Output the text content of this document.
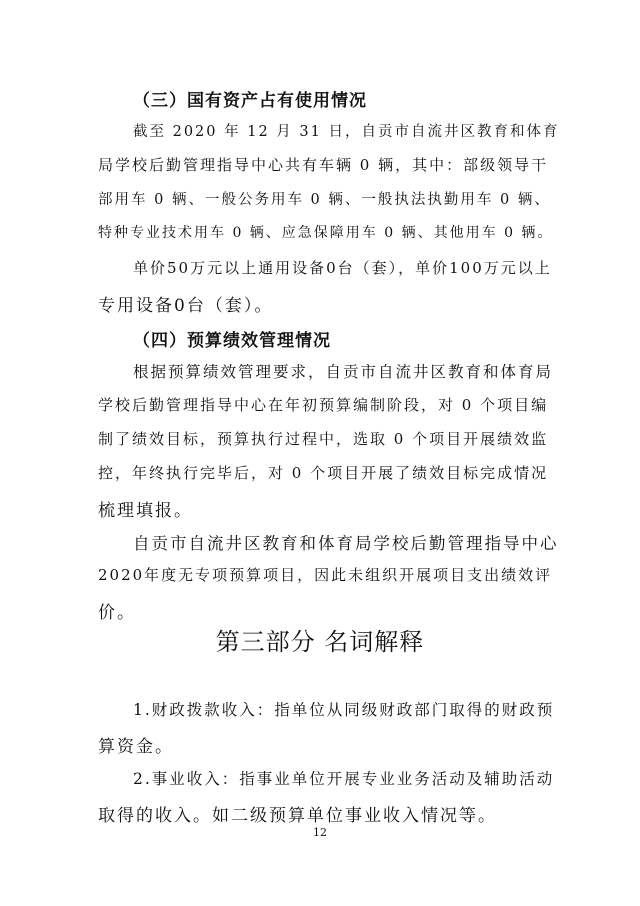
（三）国有资产占有使用情况
截至 2020 年 12 月 31 日，自贡市自流井区教育和体育
局学校后勤管理指导中心共有车辆 0 辆，其中：部级领导干
部用车 0 辆、一般公务用车 0 辆、一般执法执勤用车 0 辆、
特种专业技术用车 0 辆、应急保障用车 0 辆、其他用车 0 辆。
单价50万元以上通用设备0台（套），单价100万元以上
专用设备0台（套）。
（四）预算绩效管理情况
根据预算绩效管理要求，自贡市自流井区教育和体育局
学校后勤管理指导中心在年初预算编制阶段，对 0 个项目编
制了绩效目标，预算执行过程中，选取 0 个项目开展绩效监
控，年终执行完毕后，对 0 个项目开展了绩效目标完成情况
梳理填报。
自贡市自流井区教育和体育局学校后勤管理指导中心
2020年度无专项预算项目，因此未组织开展项目支出绩效评
价。
第三部分 名词解释
1.财政拨款收入：指单位从同级财政部门取得的财政预
算资金。
2.事业收入：指事业单位开展专业业务活动及辅助活动
取得的收入。如二级预算单位事业收入情况等。
12
